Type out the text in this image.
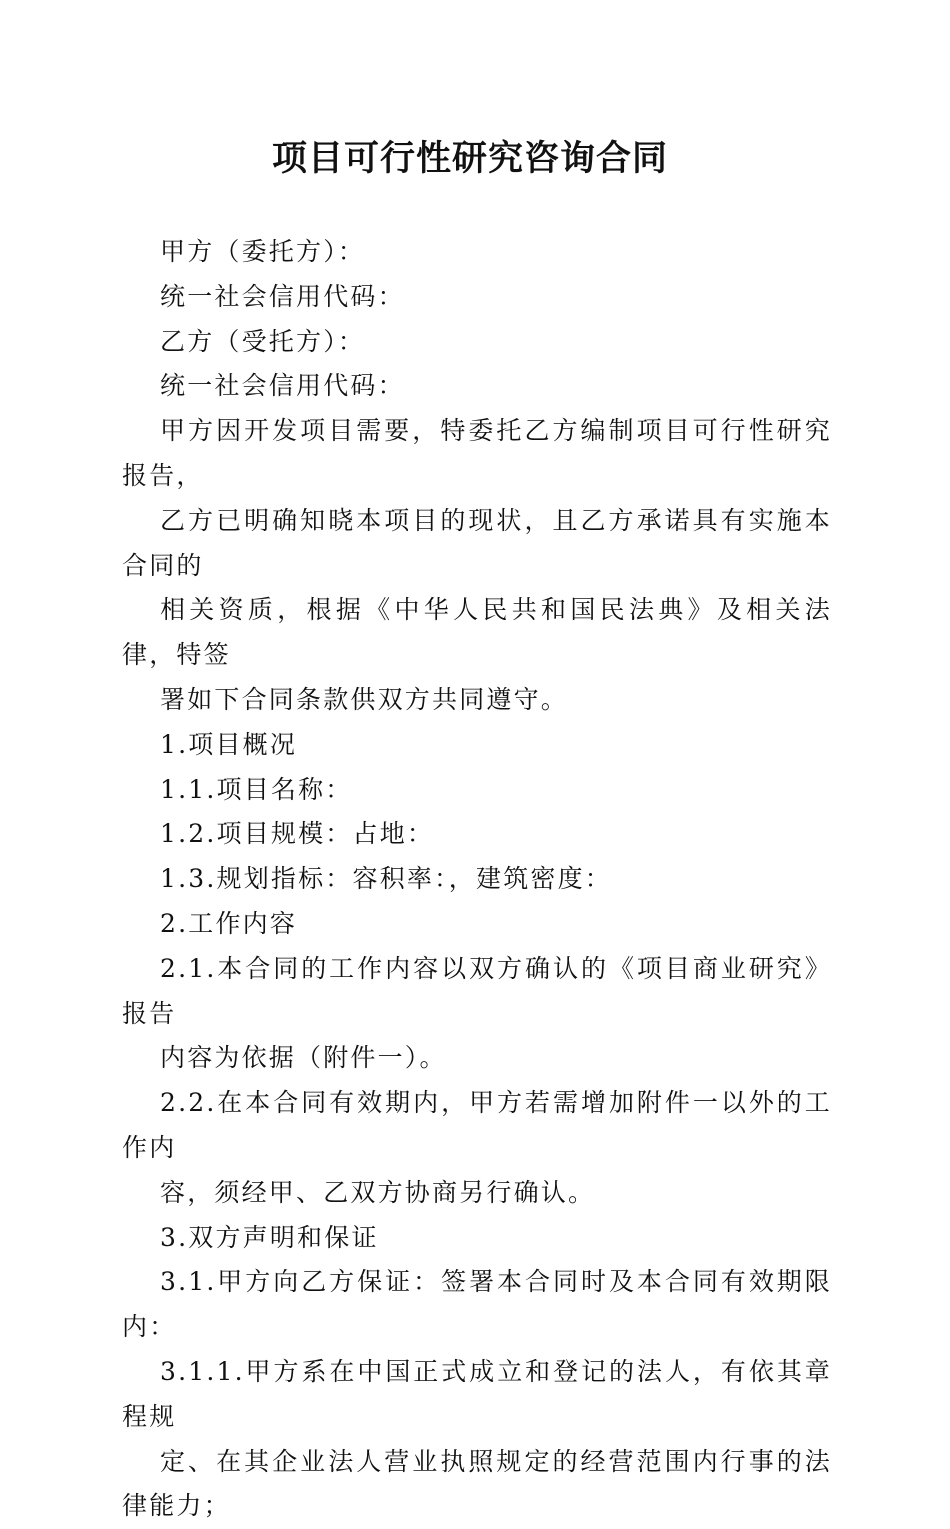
项目可行性研究咨询合同

甲方（委托方）：

统一社会信用代码：

乙方（受托方）：

统一社会信用代码：

甲方因开发项目需要，特委托乙方编制项目可行性研究报告，
乙方已明确知晓本项目的现状，且乙方承诺具有实施本合同的
相关资质，根据《中华人民共和国民法典》及相关法律，特签
署如下合同条款供双方共同遵守。

1.项目概况

1.1.项目名称：

1.2.项目规模：占地：

1.3.规划指标：容积率：，建筑密度：

2.工作内容

2.1.本合同的工作内容以双方确认的《项目商业研究》报告
内容为依据（附件一）。

2.2.在本合同有效期内，甲方若需增加附件一以外的工作内
容，须经甲、乙双方协商另行确认。

3.双方声明和保证

3.1.甲方向乙方保证：签署本合同时及本合同有效期限内：

3.1.1.甲方系在中国正式成立和登记的法人，有依其章程规
定、在其企业法人营业执照规定的经营范围内行事的法律能力；
